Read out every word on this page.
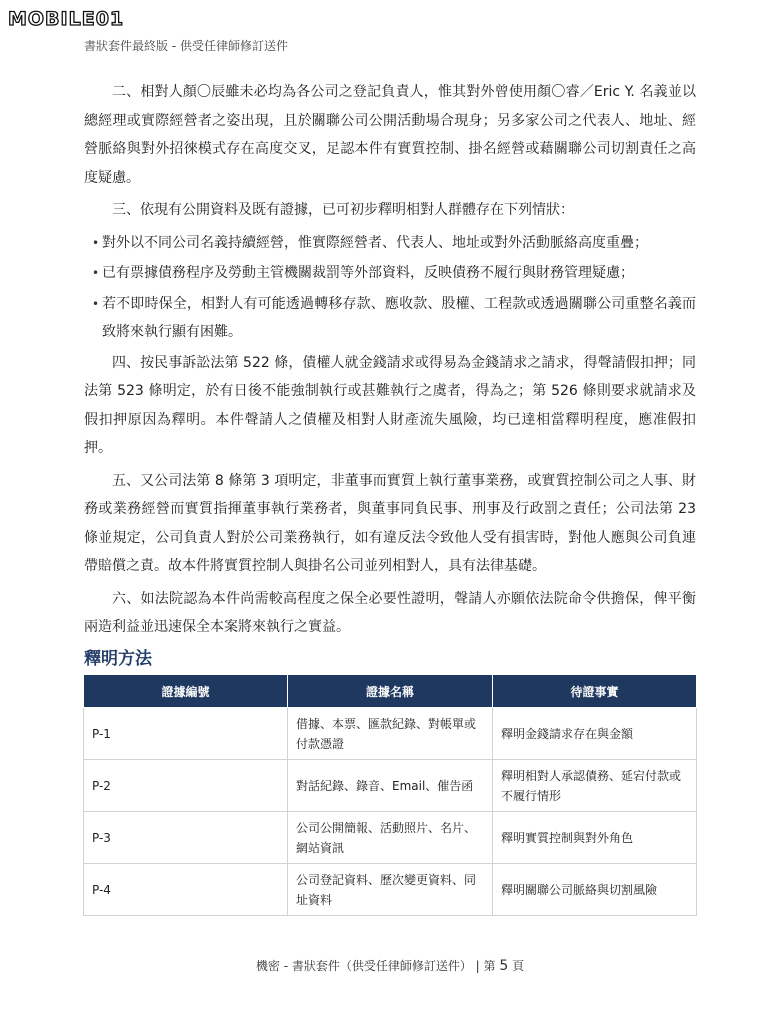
MOBILE01
書狀套件最終版 - 供受任律師修訂送件

二、相對人顏〇辰雖未必均為各公司之登記負責人，惟其對外曾使用顏〇睿／Eric Y. 名義並以總經理或實際經營者之姿出現，且於關聯公司公開活動場合現身；另多家公司之代表人、地址、經營脈絡與對外招徠模式存在高度交叉，足認本件有實質控制、掛名經營或藉關聯公司切割責任之高度疑慮。

三、依現有公開資料及既有證據，已可初步釋明相對人群體存在下列情狀：

• 對外以不同公司名義持續經營，惟實際經營者、代表人、地址或對外活動脈絡高度重疊；
• 已有票據債務程序及勞動主管機關裁罰等外部資料，反映債務不履行與財務管理疑慮；
• 若不即時保全，相對人有可能透過轉移存款、應收款、股權、工程款或透過關聯公司重整名義而致將來執行顯有困難。

四、按民事訴訟法第 522 條，債權人就金錢請求或得易為金錢請求之請求，得聲請假扣押；同法第 523 條明定，於有日後不能強制執行或甚難執行之虞者，得為之；第 526 條則要求就請求及假扣押原因為釋明。本件聲請人之債權及相對人財產流失風險，均已達相當釋明程度，應准假扣押。

五、又公司法第 8 條第 3 項明定，非董事而實質上執行董事業務，或實質控制公司之人事、財務或業務經營而實質指揮董事執行業務者，與董事同負民事、刑事及行政罰之責任；公司法第 23 條並規定，公司負責人對於公司業務執行，如有違反法令致他人受有損害時，對他人應與公司負連帶賠償之責。故本件將實質控制人與掛名公司並列相對人，具有法律基礎。

六、如法院認為本件尚需較高程度之保全必要性證明，聲請人亦願依法院命令供擔保，俾平衡兩造利益並迅速保全本案將來執行之實益。

釋明方法
證據編號	證據名稱	待證事實
P-1	借據、本票、匯款紀錄、對帳單或付款憑證	釋明金錢請求存在與金額
P-2	對話紀錄、錄音、Email、催告函	釋明相對人承認債務、延宕付款或不履行情形
P-3	公司公開簡報、活動照片、名片、網站資訊	釋明實質控制與對外角色
P-4	公司登記資料、歷次變更資料、同址資料	釋明關聯公司脈絡與切割風險
機密 - 書狀套件（供受任律師修訂送件） | 第 5 頁
